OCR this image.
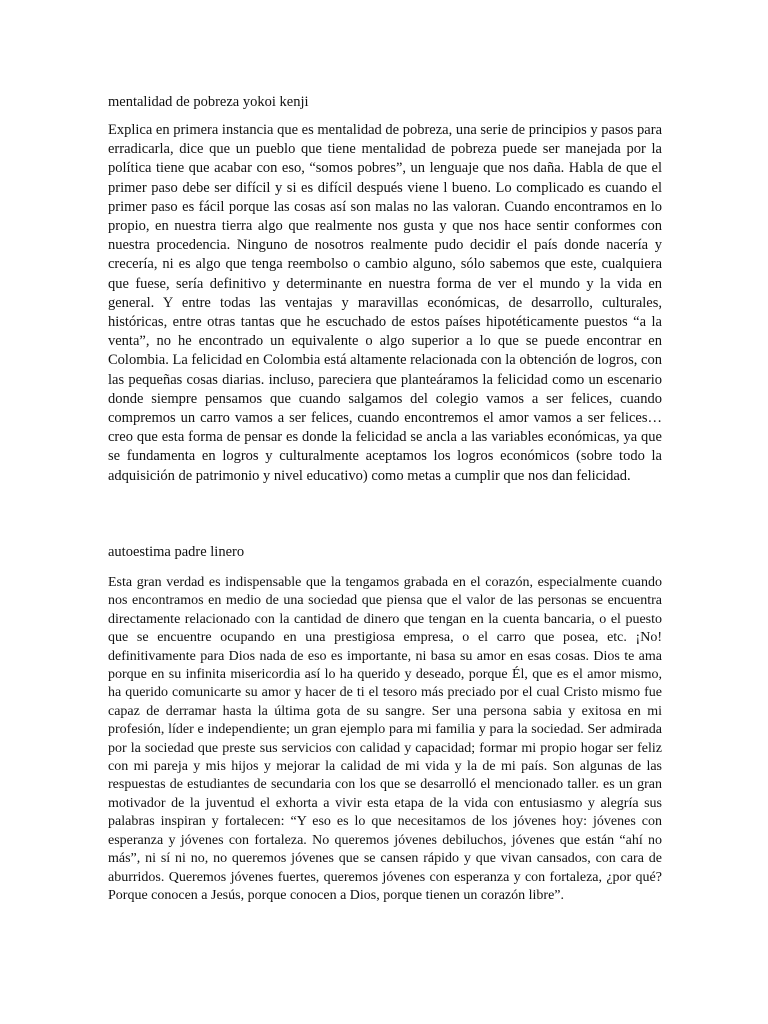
mentalidad de pobreza yokoi kenji

Explica en primera instancia que es mentalidad de pobreza, una serie de principios y pasos para erradicarla, dice que un pueblo que tiene mentalidad de pobreza puede ser manejada por la política tiene que acabar con eso, “somos pobres”, un lenguaje que nos daña. Habla de que el primer paso debe ser difícil y si es difícil después viene l bueno. Lo complicado es cuando el primer paso es fácil porque las cosas así son malas no las valoran. Cuando encontramos en lo propio, en nuestra tierra algo que realmente nos gusta y que nos hace sentir conformes con nuestra procedencia. Ninguno de nosotros realmente pudo decidir el país donde nacería y crecería, ni es algo que tenga reembolso o cambio alguno, sólo sabemos que este, cualquiera que fuese, sería definitivo y determinante en nuestra forma de ver el mundo y la vida en general. Y entre todas las ventajas y maravillas económicas, de desarrollo, culturales, históricas, entre otras tantas que he escuchado de estos países hipotéticamente puestos “a la venta”, no he encontrado un equivalente o algo superior a lo que se puede encontrar en Colombia. La felicidad en Colombia está altamente relacionada con la obtención de logros, con las pequeñas cosas diarias. incluso, pareciera que planteáramos la felicidad como un escenario donde siempre pensamos que cuando salgamos del colegio vamos a ser felices, cuando compremos un carro vamos a ser felices, cuando encontremos el amor vamos a ser felices… creo que esta forma de pensar es donde la felicidad se ancla a las variables económicas, ya que se fundamenta en logros y culturalmente aceptamos los logros económicos (sobre todo la adquisición de patrimonio y nivel educativo) como metas a cumplir que nos dan felicidad.

autoestima padre linero

Esta gran verdad es indispensable que la tengamos grabada en el corazón, especialmente cuando nos encontramos en medio de una sociedad que piensa que el valor de las personas se encuentra directamente relacionado con la cantidad de dinero que tengan en la cuenta bancaria, o el puesto que se encuentre ocupando en una prestigiosa empresa, o el carro que posea, etc. ¡No! definitivamente para Dios nada de eso es importante, ni basa su amor en esas cosas. Dios te ama porque en su infinita misericordia así lo ha querido y deseado, porque Él, que es el amor mismo, ha querido comunicarte su amor y hacer de ti el tesoro más preciado por el cual Cristo mismo fue capaz de derramar hasta la última gota de su sangre. Ser una persona sabia y exitosa en mi profesión, líder e independiente; un gran ejemplo para mi familia y para la sociedad. Ser admirada por la sociedad que preste sus servicios con calidad y capacidad; formar mi propio hogar ser feliz con mi pareja y mis hijos y mejorar la calidad de mi vida y la de mi país. Son algunas de las respuestas de estudiantes de secundaria con los que se desarrolló el mencionado taller. es un gran motivador de la juventud el exhorta a vivir esta etapa de la vida con entusiasmo y alegría sus palabras inspiran y fortalecen: “Y eso es lo que necesitamos de los jóvenes hoy: jóvenes con esperanza y jóvenes con fortaleza. No queremos jóvenes debiluchos, jóvenes que están “ahí no más”, ni sí ni no, no queremos jóvenes que se cansen rápido y que vivan cansados, con cara de aburridos. Queremos jóvenes fuertes, queremos jóvenes con esperanza y con fortaleza, ¿por qué? Porque conocen a Jesús, porque conocen a Dios, porque tienen un corazón libre”.
